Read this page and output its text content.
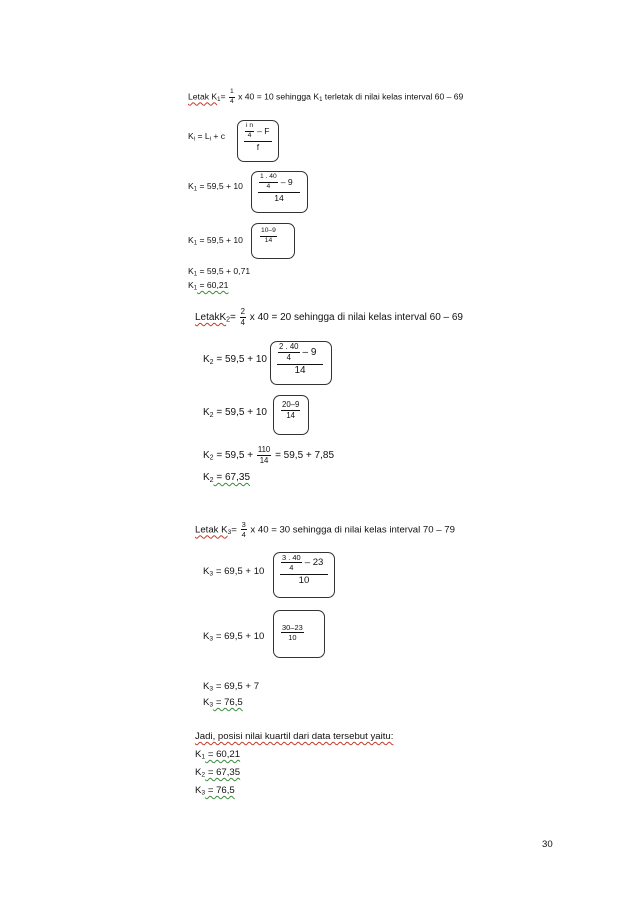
Letak $K_1= \frac{1}{4}$ x 40 = 10 sehingga $K_1$ terletak di nilai kelas interval 60 – 69
$K_i = L_i + c$	$\frac{\text{i n}}{4}$ – F
f
$K_1 = 59,5 + 10 \frac{1 . 40}{4} - 9$
14
$K_1 = 59,5 + 10$	$\frac{10-9}{14}$
$K_1 = 59,5 + 0,71$
$K_1 = 60,21$
LetakK$_2$= $\frac{2}{4}$ x 40 = 20 sehingga di nilai kelas interval 60 – 69
$K_2 = 59,5 + 10 \frac{2 . 40}{4} - 9$
14
$K_2 = 59,5 + 10 \frac{20-9}{14}$
$K_2 = 59,5 + \frac{110}{14} = 59,5 + 7,85$
$K_2 = 67,35$
Letak $K_3= \frac{3}{4}$ x 40 = 30 sehingga di nilai kelas interval 70 – 79
$K_3 = 69,5 + 10 \frac{3 . 40}{4} - 23$
10
$K_3 = 69,5 + 10 \frac{30-23}{10}$
$K_3 = 69,5 + 7$
$K_3 = 76,5$
Jadi, posisi nilai kuartil dari data tersebut yaitu:
$K_1 = 60,21$
$K_2 = 67,35$
$K_3 = 76,5$
30
